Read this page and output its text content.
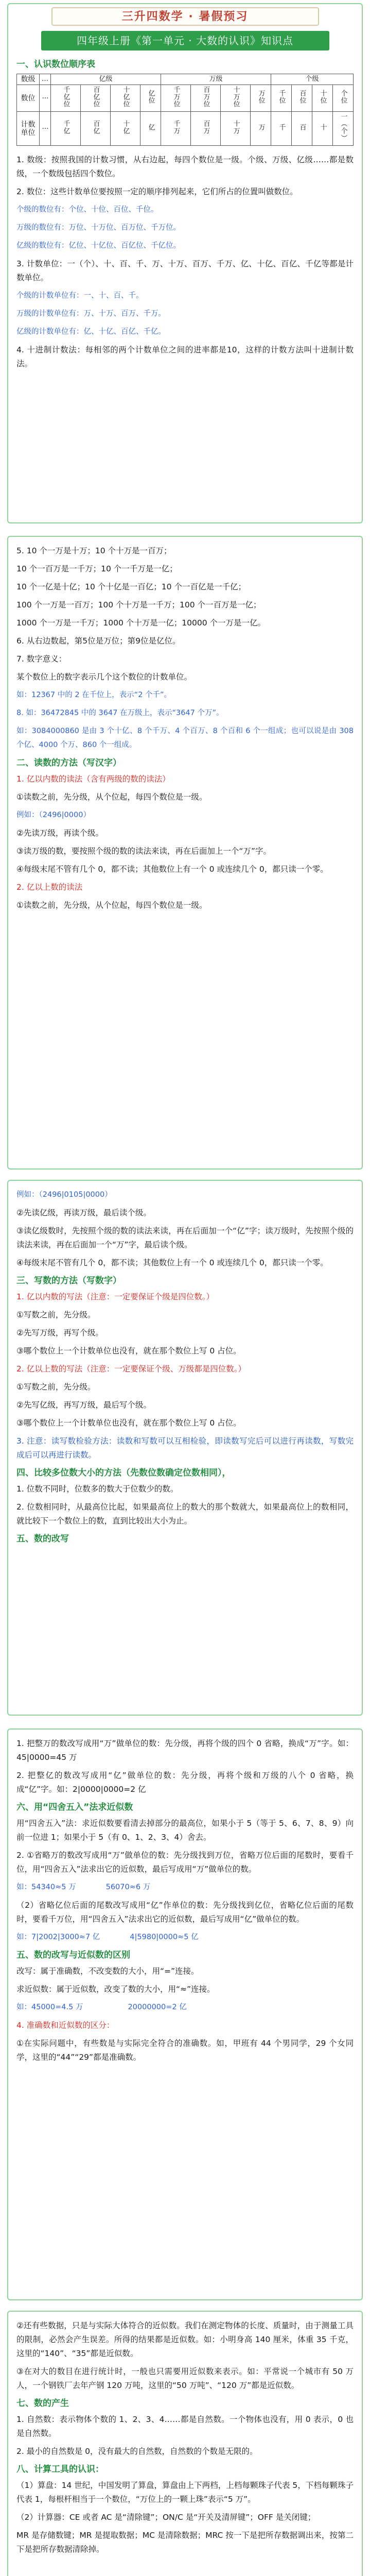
三升四数学 · 暑假预习
四年级上册《第一单元 · 大数的认识》知识点
一、认识数位顺序表
数级	…	亿级				万级				个级			
数位	…	千亿位	百亿位	十亿位	亿位	千万位	百万位	十万位	万位	千位	百位	十位	个位
计数单位	…	千亿	百亿	十亿	亿	千万	百万	十万	万	千	百	十	一（个）

1. 数级：按照我国的计数习惯，从右边起，每四个数位是一级。个级、万级、亿级……都是数级，一个数级包括四个数位。

2. 数位：这些计数单位要按照一定的顺序排列起来，它们所占的位置叫做数位。

个级的数位有：个位、十位、百位、千位。

万级的数位有：万位、十万位、百万位、千万位。

亿级的数位有：亿位、十亿位、百亿位、千亿位。

3. 计数单位：一（个）、十、百、千、万、十万、百万、千万、亿、十亿、百亿、千亿等都是计数单位。

个级的计数单位有：一、十、百、千。

万级的计数单位有：万、十万、百万、千万。

亿级的计数单位有：亿、十亿、百亿、千亿。

4. 十进制计数法：每相邻的两个计数单位之间的进率都是10，这样的计数方法叫十进制计数法。

5. 10 个一万是十万；10 个十万是一百万；

10 个一百万是一千万；10 个一千万是一亿；

10 个一亿是十亿；10 个十亿是一百亿；10 个一百亿是一千亿；

100 个一万是一百万；100 个十万是一千万；100 个一百万是一亿；

1000 个一万是一千万；1000 个十万是一亿；10000 个一万是一亿。

6. 从右边数起，第5位是万位；第9位是亿位。

7. 数字意义：

某个数位上的数字表示几个这个数位的计数单位。

如：12367 中的 2 在千位上，表示“2 个千”。

8. 如：36472845 中的 3647 在万级上，表示“3647 个万”。

如：3084000860 是由 3 个十亿、8 个千万、4 个百万、8 个百和 6 个一组成；也可以说是由 308 个亿、4000 个万、860 个一组成。

二、读数的方法（写汉字）

1. 亿以内数的读法（含有两级的数的读法）

①读数之前，先分级，从个位起，每四个数位是一级。

例如：（2496|0000）

②先读万级，再读个级。

③读万级的数，要按照个级的数的读法来读，再在后面加上一个“万”字。

④每级末尾不管有几个 0，都不读；其他数位上有一个 0 或连续几个 0，都只读一个零。

2. 亿以上数的读法

①读数之前，先分级，从个位起，每四个数位是一级。

例如：（2496|0105|0000）

②先读亿级，再读万级，最后读个级。

③读亿级数时，先按照个级的数的读法来读，再在后面加一个“亿”字；读万级时，先按照个级的读法来读，再在后面加一个“万”字，最后读个级。

④每级末尾不管有几个 0，都不读；其他数位上有一个 0 或连续几个 0，都只读一个零。

三、写数的方法（写数字）

1. 亿以内数的写法（注意：一定要保证个级是四位数。）

①写数之前，先分级。

②先写万级，再写个级。

③哪个数位上一个计数单位也没有，就在那个数位上写 0 占位。

2. 亿以上数的写法（注意：一定要保证个级、万级都是四位数。）

①写数之前，先分级。

②先写亿级，再写万级，最后写个级。

③哪个数位上一个计数单位也没有，就在那个数位上写 0 占位。

3. 注意：读写数检验方法：读数和写数可以互相检验，即读数写完后可以进行再读数，写数完成后可以再进行读数。

四、比较多位数大小的方法（先数位数确定位数相同），

1. 位数不同时，位数多的数大于位数少的数。

2. 位数相同时，从最高位比起，如果最高位上的数大的那个数就大，如果最高位上的数相同，就比较下一个数位上的数，直到比较出大小为止。

五、数的改写

1. 把整万的数改写成用“万”做单位的数：先分级，再将个级的四个 0 省略，换成“万”字。如：45|0000=45 万

2. 把整亿的数改写成用“亿”做单位的数：先分级，再将个级和万级的八个 0 省略，换成“亿”字。如：2|0000|0000=2 亿

六、用“四舍五入”法求近似数

用“四舍五入”法：求近似数要看清去掉部分的最高位，如果小于 5（等于 5、6、7、8、9）向前一位进 1；如果小于 5（有 0、1、2、3、4）舍去。

2. ①省略万的数改写成用“万”做单位的数：先分级找到万位，省略万位后面的尾数时，要看千位，用“四舍五入”法求出它的近似数，最后写成用“万”做单位的数。

如：54340≈5 万　　　　56070≈6 万

（2）省略亿位后面的尾数改写成用“亿”作单位的数：先分级找到亿位，省略亿位后面的尾数时，要看千万位，用“四舍五入”法求出它的近似数，最后写成用“亿”做单位的数。

如：7|2002|3000≈7 亿　　　　4|5980|0000≈5 亿

五、数的改写与近似数的区别

改写：属于准确数，不改变数的大小，用“=”连接。

求近似数：属于近似数，改变了数的大小，用“≈”连接。

如：45000=4.5 万　　　　　　20000000=2 亿

4. 准确数和近似数的区分：

①在实际问题中，有些数是与实际完全符合的准确数。如，甲班有 44 个男同学，29 个女同学，这里的“44”“29”都是准确数。

②还有些数据，只是与实际大体符合的近似数。我们在测定物体的长度、质量时，由于测量工具的限制，必然会产生误差。所得的结果都是近似数。如：小明身高 140 厘米，体重 35 千克，这里的“140”、“35”都是近似数。

③在对大的数目在进行统计时，一般也只需要用近似数来表示。如：平常说一个城市有 50 万人，一个钢铁厂去年产钢 120 万吨，这里的“50 万吨”、“120 万”都是近似数。

七、数的产生

1. 自然数：表示物体个数的 1、2、3、4……都是自然数。一个物体也没有，用 0 表示，0 也是自然数。

2. 最小的自然数是 0，没有最大的自然数，自然数的个数是无限的。

八、计算工具的认识：

（1）算盘：14 世纪，中国发明了算盘，算盘由上下两档，上档每颗珠子代表 5，下档每颗珠子代表 1，每根杆相当于一个数位，“万位上的一颗上珠”表示“5 万”。

（2）计算器：CE 或者 AC 是“清除键”；ON/C 是“开关及清屏键”；OFF 是关闭键；

MR 是存储数键；MR 是提取数据；MC 是清除数据；MRC 按一下是把所存数据调出来，按第二下是把所存数据清除掉。
